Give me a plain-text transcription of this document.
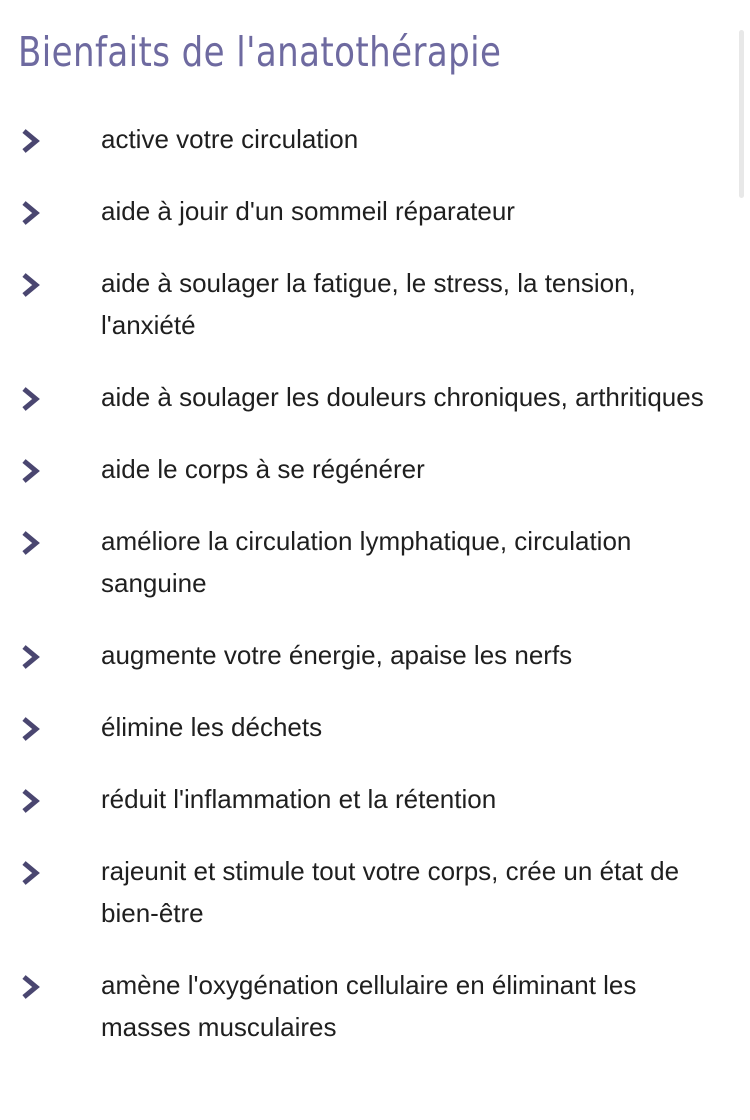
Bienfaits de l'anatothérapie
active votre circulation
aide à jouir d'un sommeil réparateur
aide à soulager la fatigue, le stress, la tension, l'anxiété
aide à soulager les douleurs chroniques, arthritiques
aide le corps à se régénérer
améliore la circulation lymphatique, circulation sanguine
augmente votre énergie, apaise les nerfs
élimine les déchets
réduit l'inflammation et la rétention
rajeunit et stimule tout votre corps, crée un état de bien-être
amène l'oxygénation cellulaire en éliminant les masses musculaires
